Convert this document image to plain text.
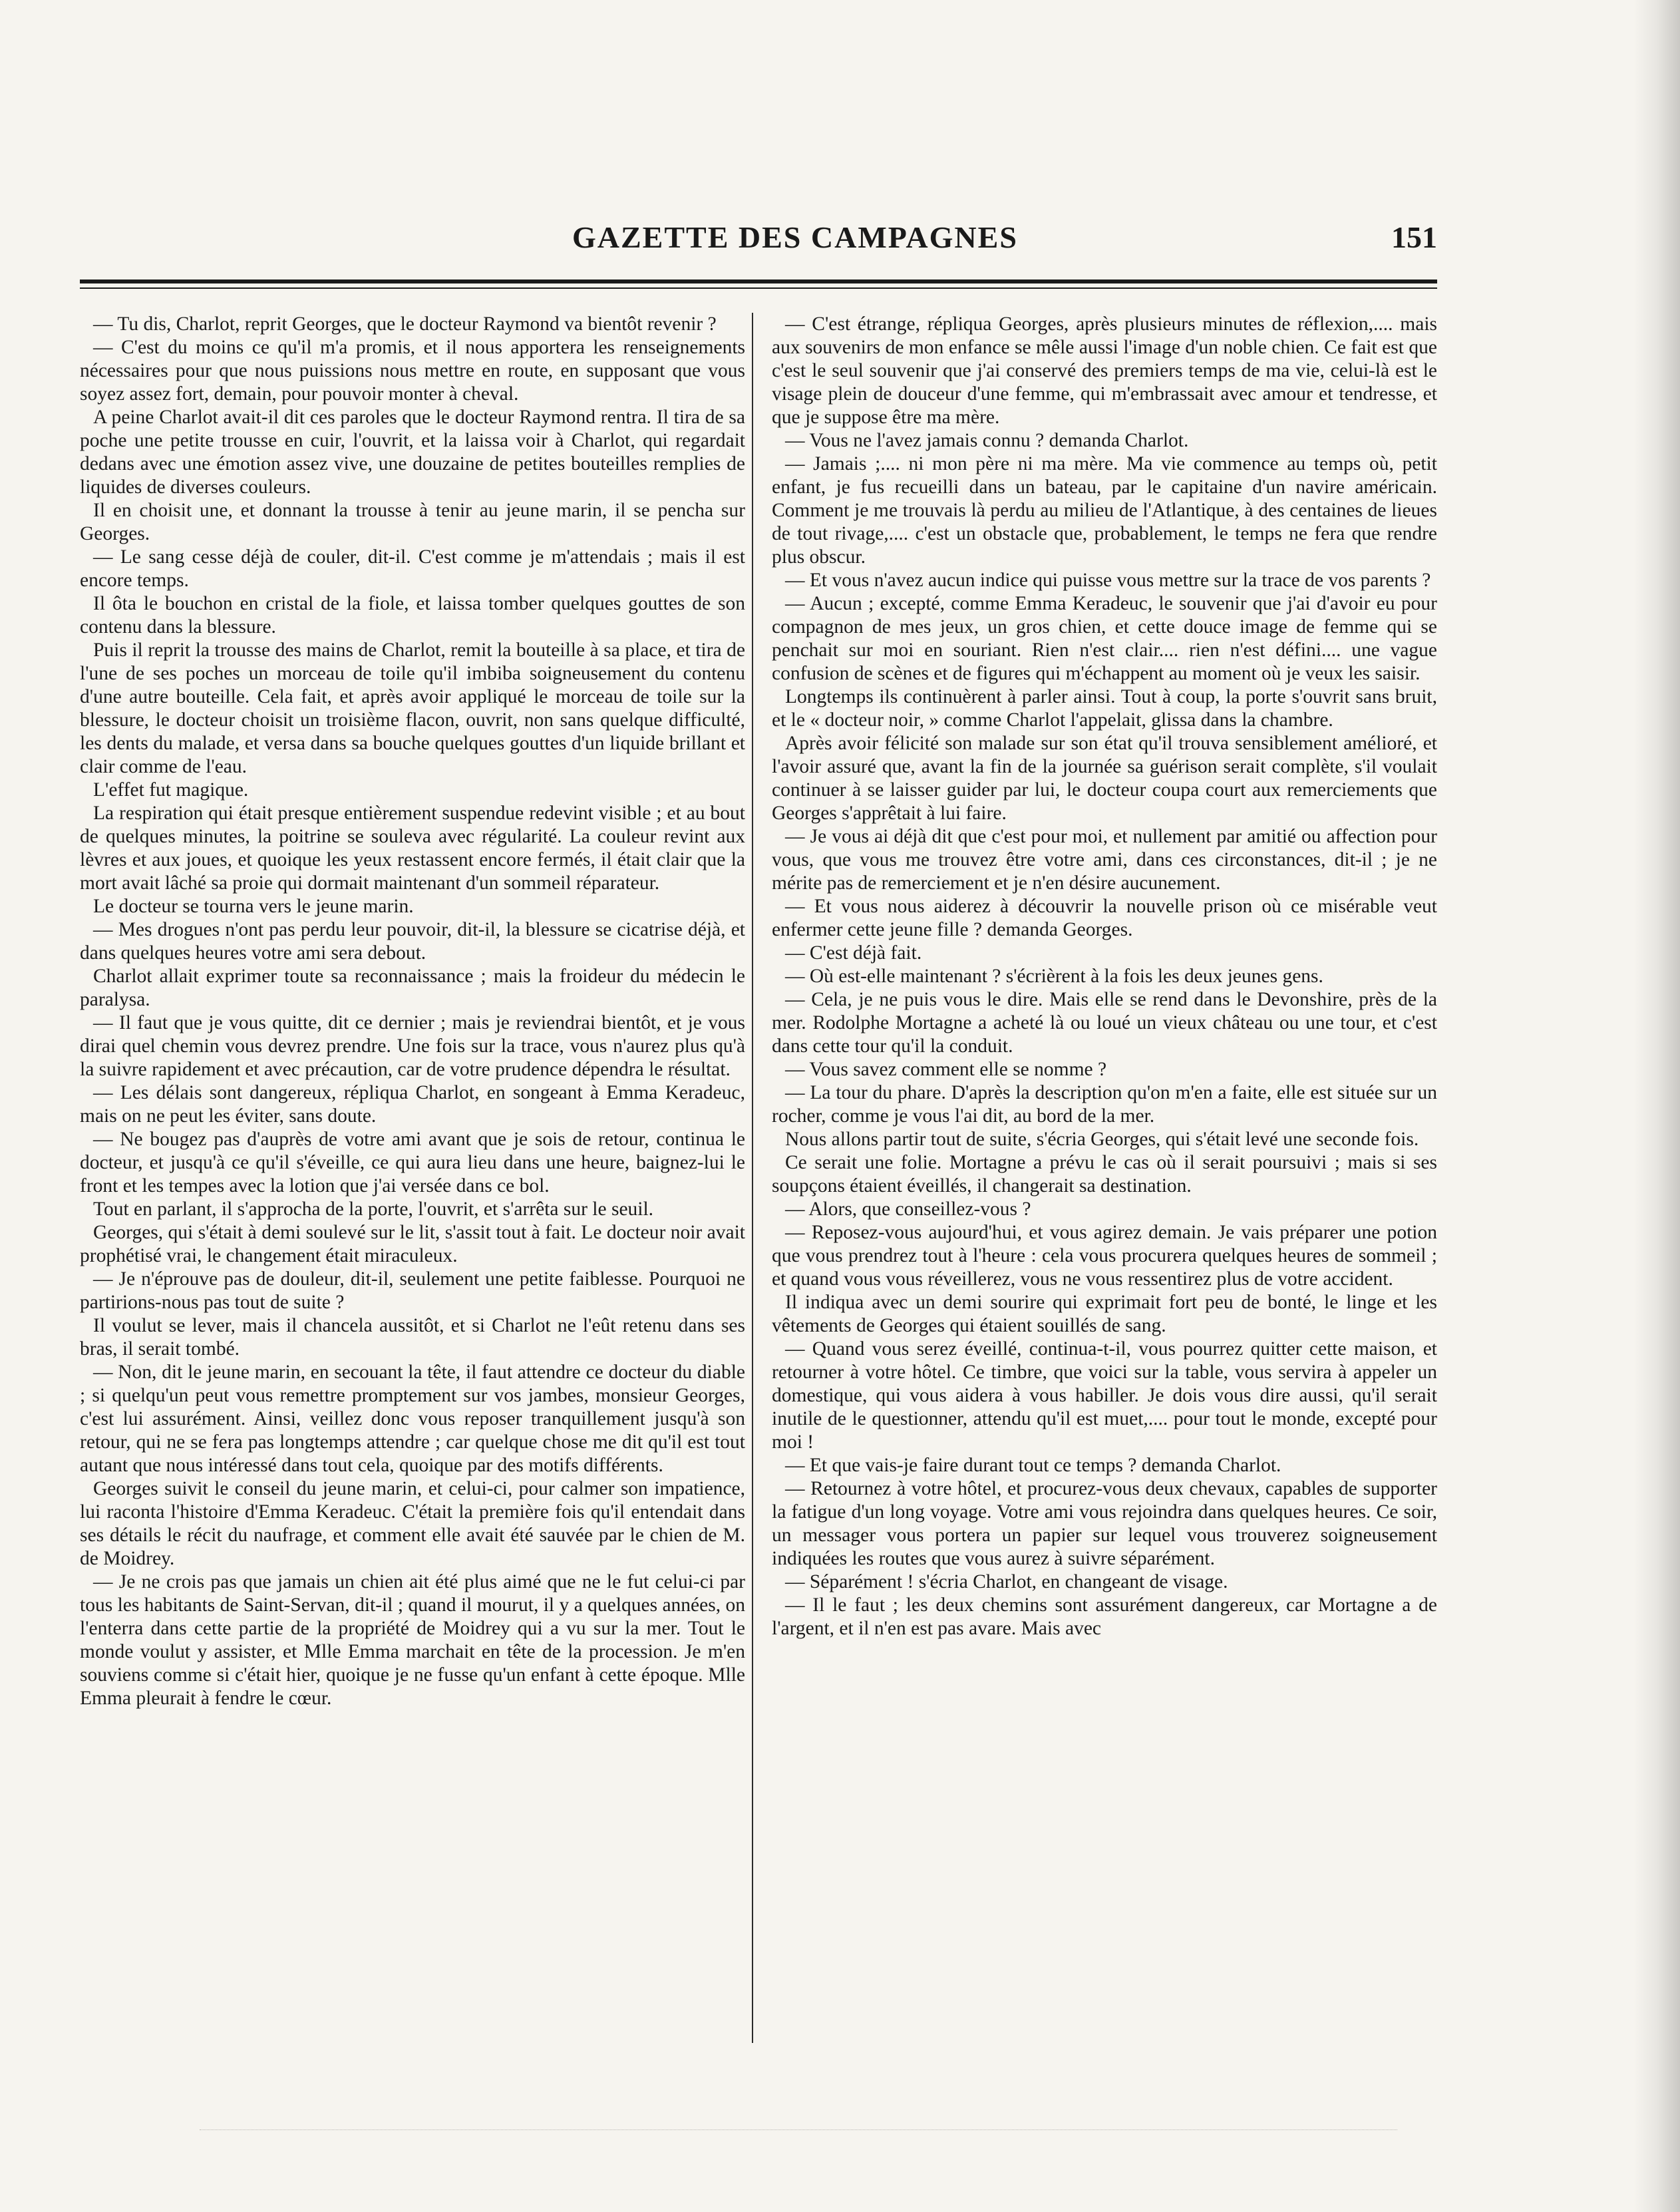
GAZETTE DES CAMPAGNES	151

— Tu dis, Charlot, reprit Georges, que le docteur Raymond va bientôt revenir ?

— C'est du moins ce qu'il m'a promis, et il nous apportera les renseignements nécessaires pour que nous puissions nous mettre en route, en supposant que vous soyez assez fort, demain, pour pouvoir monter à cheval.

A peine Charlot avait-il dit ces paroles que le docteur Raymond rentra. Il tira de sa poche une petite trousse en cuir, l'ouvrit, et la laissa voir à Charlot, qui regardait dedans avec une émotion assez vive, une douzaine de petites bouteilles remplies de liquides de diverses couleurs.

Il en choisit une, et donnant la trousse à tenir au jeune marin, il se pencha sur Georges.

— Le sang cesse déjà de couler, dit-il. C'est comme je m'attendais ; mais il est encore temps.

Il ôta le bouchon en cristal de la fiole, et laissa tomber quelques gouttes de son contenu dans la blessure.

Puis il reprit la trousse des mains de Charlot, remit la bouteille à sa place, et tira de l'une de ses poches un morceau de toile qu'il imbiba soigneusement du contenu d'une autre bouteille. Cela fait, et après avoir appliqué le morceau de toile sur la blessure, le docteur choisit un troisième flacon, ouvrit, non sans quelque difficulté, les dents du malade, et versa dans sa bouche quelques gouttes d'un liquide brillant et clair comme de l'eau.

L'effet fut magique.

La respiration qui était presque entièrement suspendue redevint visible ; et au bout de quelques minutes, la poitrine se souleva avec régularité. La couleur revint aux lèvres et aux joues, et quoique les yeux restassent encore fermés, il était clair que la mort avait lâché sa proie qui dormait maintenant d'un sommeil réparateur.

Le docteur se tourna vers le jeune marin.

— Mes drogues n'ont pas perdu leur pouvoir, dit-il, la blessure se cicatrise déjà, et dans quelques heures votre ami sera debout.

Charlot allait exprimer toute sa reconnaissance ; mais la froideur du médecin le paralysa.

— Il faut que je vous quitte, dit ce dernier ; mais je reviendrai bientôt, et je vous dirai quel chemin vous devrez prendre. Une fois sur la trace, vous n'aurez plus qu'à la suivre rapidement et avec précaution, car de votre prudence dépendra le résultat.

— Les délais sont dangereux, répliqua Charlot, en songeant à Emma Keradeuc, mais on ne peut les éviter, sans doute.

— Ne bougez pas d'auprès de votre ami avant que je sois de retour, continua le docteur, et jusqu'à ce qu'il s'éveille, ce qui aura lieu dans une heure, baignez-lui le front et les tempes avec la lotion que j'ai versée dans ce bol.

Tout en parlant, il s'approcha de la porte, l'ouvrit, et s'arrêta sur le seuil.

Georges, qui s'était à demi soulevé sur le lit, s'assit tout à fait. Le docteur noir avait prophétisé vrai, le changement était miraculeux.

— Je n'éprouve pas de douleur, dit-il, seulement une petite faiblesse. Pourquoi ne partirions-nous pas tout de suite ?

Il voulut se lever, mais il chancela aussitôt, et si Charlot ne l'eût retenu dans ses bras, il serait tombé.

— Non, dit le jeune marin, en secouant la tête, il faut attendre ce docteur du diable ; si quelqu'un peut vous remettre promptement sur vos jambes, monsieur Georges, c'est lui assurément. Ainsi, veillez donc vous reposer tranquillement jusqu'à son retour, qui ne se fera pas longtemps attendre ; car quelque chose me dit qu'il est tout autant que nous intéressé dans tout cela, quoique par des motifs différents.

Georges suivit le conseil du jeune marin, et celui-ci, pour calmer son impatience, lui raconta l'histoire d'Emma Keradeuc. C'était la première fois qu'il entendait dans ses détails le récit du naufrage, et comment elle avait été sauvée par le chien de M. de Moidrey.

— Je ne crois pas que jamais un chien ait été plus aimé que ne le fut celui-ci par tous les habitants de Saint-Servan, dit-il ; quand il mourut, il y a quelques années, on l'enterra dans cette partie de la propriété de Moidrey qui a vu sur la mer. Tout le monde voulut y assister, et Mlle Emma marchait en tête de la procession. Je m'en souviens comme si c'était hier, quoique je ne fusse qu'un enfant à cette époque. Mlle Emma pleurait à fendre le cœur.

— C'est étrange, répliqua Georges, après plusieurs minutes de réflexion,.... mais aux souvenirs de mon enfance se mêle aussi l'image d'un noble chien. Ce fait est que c'est le seul souvenir que j'ai conservé des premiers temps de ma vie, celui-là est le visage plein de douceur d'une femme, qui m'embrassait avec amour et tendresse, et que je suppose être ma mère.

— Vous ne l'avez jamais connu ? demanda Charlot.

— Jamais ;.... ni mon père ni ma mère. Ma vie commence au temps où, petit enfant, je fus recueilli dans un bateau, par le capitaine d'un navire américain. Comment je me trouvais là perdu au milieu de l'Atlantique, à des centaines de lieues de tout rivage,.... c'est un obstacle que, probablement, le temps ne fera que rendre plus obscur.

— Et vous n'avez aucun indice qui puisse vous mettre sur la trace de vos parents ?

— Aucun ; excepté, comme Emma Keradeuc, le souvenir que j'ai d'avoir eu pour compagnon de mes jeux, un gros chien, et cette douce image de femme qui se penchait sur moi en souriant. Rien n'est clair.... rien n'est défini.... une vague confusion de scènes et de figures qui m'échappent au moment où je veux les saisir.

Longtemps ils continuèrent à parler ainsi. Tout à coup, la porte s'ouvrit sans bruit, et le « docteur noir, » comme Charlot l'appelait, glissa dans la chambre.

Après avoir félicité son malade sur son état qu'il trouva sensiblement amélioré, et l'avoir assuré que, avant la fin de la journée sa guérison serait complète, s'il voulait continuer à se laisser guider par lui, le docteur coupa court aux remerciements que Georges s'apprêtait à lui faire.

— Je vous ai déjà dit que c'est pour moi, et nullement par amitié ou affection pour vous, que vous me trouvez être votre ami, dans ces circonstances, dit-il ; je ne mérite pas de remerciement et je n'en désire aucunement.

— Et vous nous aiderez à découvrir la nouvelle prison où ce misérable veut enfermer cette jeune fille ? demanda Georges.

— C'est déjà fait.

— Où est-elle maintenant ? s'écrièrent à la fois les deux jeunes gens.

— Cela, je ne puis vous le dire. Mais elle se rend dans le Devonshire, près de la mer. Rodolphe Mortagne a acheté là ou loué un vieux château ou une tour, et c'est dans cette tour qu'il la conduit.

— Vous savez comment elle se nomme ?

— La tour du phare. D'après la description qu'on m'en a faite, elle est située sur un rocher, comme je vous l'ai dit, au bord de la mer.

Nous allons partir tout de suite, s'écria Georges, qui s'était levé une seconde fois.

Ce serait une folie. Mortagne a prévu le cas où il serait poursuivi ; mais si ses soupçons étaient éveillés, il changerait sa destination.

— Alors, que conseillez-vous ?

— Reposez-vous aujourd'hui, et vous agirez demain. Je vais préparer une potion que vous prendrez tout à l'heure : cela vous procurera quelques heures de sommeil ; et quand vous vous réveillerez, vous ne vous ressentirez plus de votre accident.

Il indiqua avec un demi sourire qui exprimait fort peu de bonté, le linge et les vêtements de Georges qui étaient souillés de sang.

— Quand vous serez éveillé, continua-t-il, vous pourrez quitter cette maison, et retourner à votre hôtel. Ce timbre, que voici sur la table, vous servira à appeler un domestique, qui vous aidera à vous habiller. Je dois vous dire aussi, qu'il serait inutile de le questionner, attendu qu'il est muet,.... pour tout le monde, excepté pour moi !

— Et que vais-je faire durant tout ce temps ? demanda Charlot.

— Retournez à votre hôtel, et procurez-vous deux chevaux, capables de supporter la fatigue d'un long voyage. Votre ami vous rejoindra dans quelques heures. Ce soir, un messager vous portera un papier sur lequel vous trouverez soigneusement indiquées les routes que vous aurez à suivre séparément.

— Séparément ! s'écria Charlot, en changeant de visage.

— Il le faut ; les deux chemins sont assurément dangereux, car Mortagne a de l'argent, et il n'en est pas avare. Mais avec
